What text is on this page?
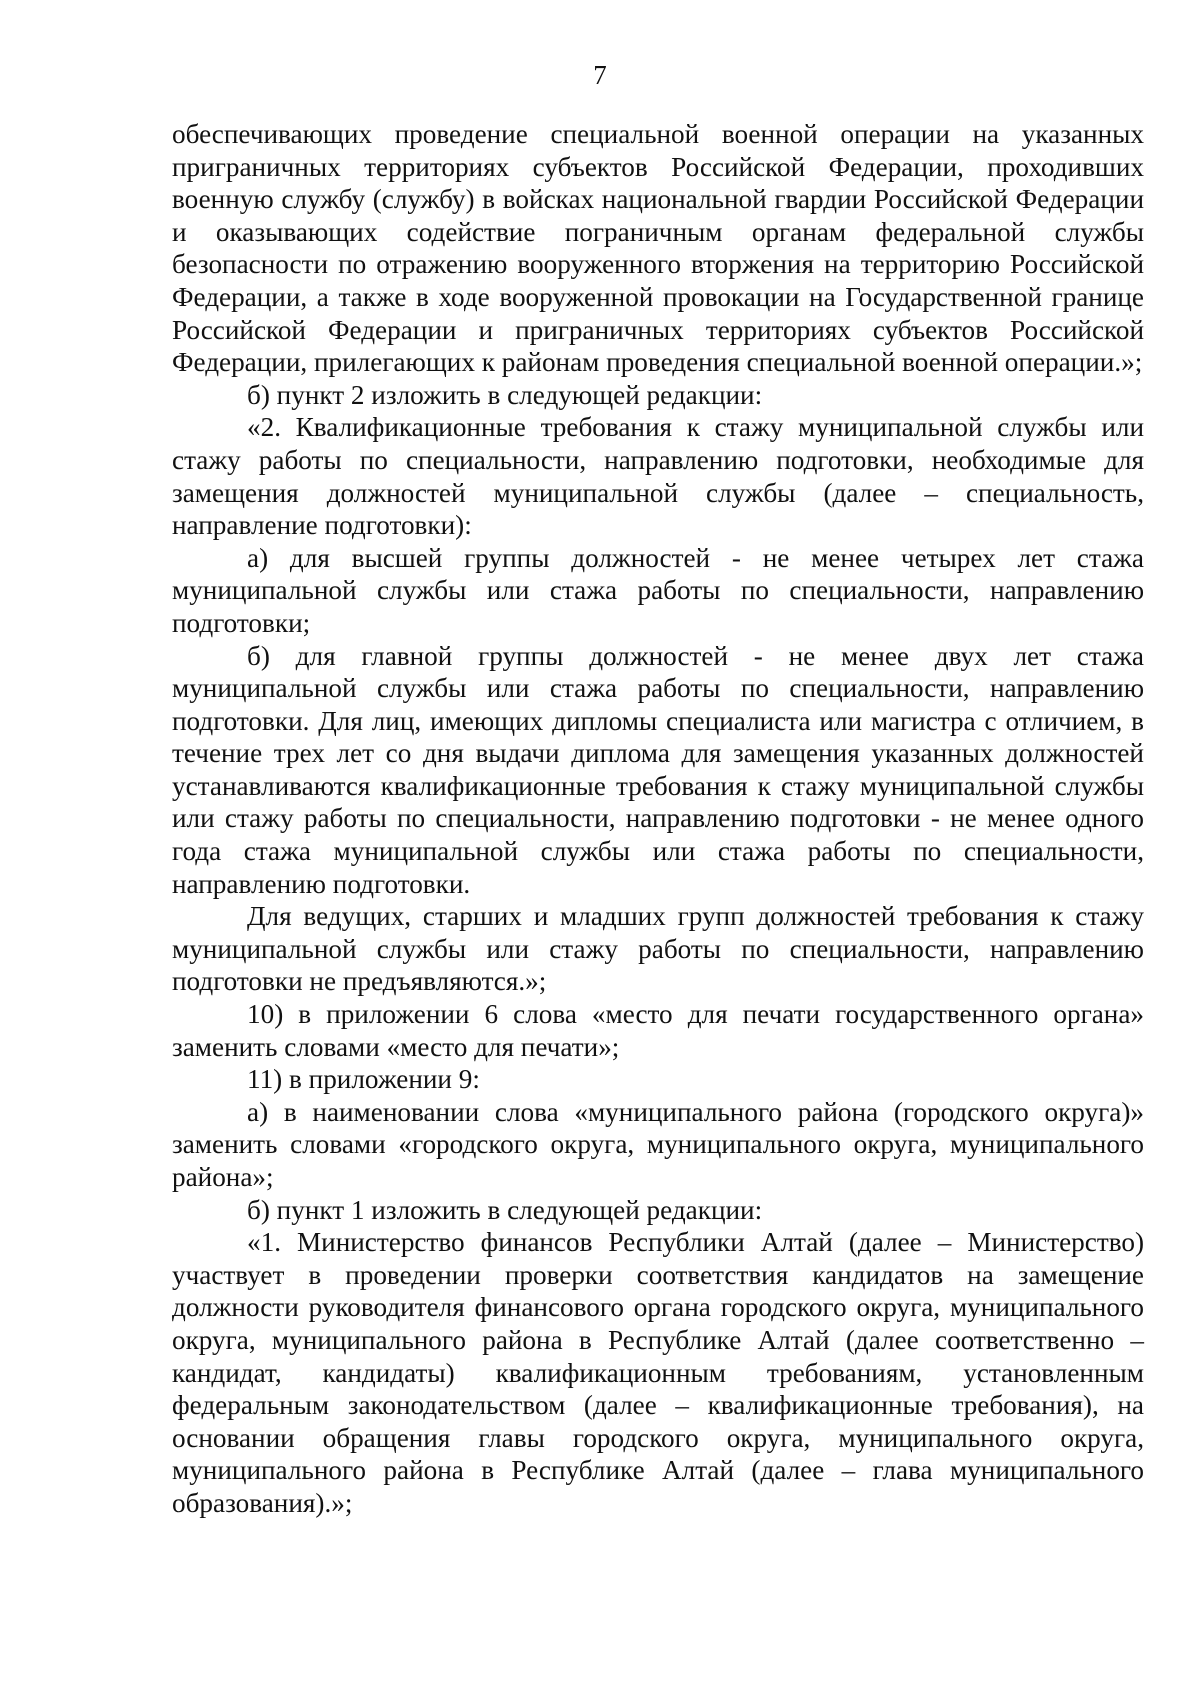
7

обеспечивающих проведение специальной военной операции на указанных приграничных территориях субъектов Российской Федерации, проходивших военную службу (службу) в войсках национальной гвардии Российской Федерации и оказывающих содействие пограничным органам федеральной службы безопасности по отражению вооруженного вторжения на территорию Российской Федерации, а также в ходе вооруженной провокации на Государственной границе Российской Федерации и приграничных территориях субъектов Российской Федерации, прилегающих к районам проведения специальной военной операции.»;

б) пункт 2 изложить в следующей редакции:

«2. Квалификационные требования к стажу муниципальной службы или стажу работы по специальности, направлению подготовки, необходимые для замещения должностей муниципальной службы (далее – специальность, направление подготовки):

а) для высшей группы должностей - не менее четырех лет стажа муниципальной службы или стажа работы по специальности, направлению подготовки;

б) для главной группы должностей - не менее двух лет стажа муниципальной службы или стажа работы по специальности, направлению подготовки. Для лиц, имеющих дипломы специалиста или магистра с отличием, в течение трех лет со дня выдачи диплома для замещения указанных должностей устанавливаются квалификационные требования к стажу муниципальной службы или стажу работы по специальности, направлению подготовки - не менее одного года стажа муниципальной службы или стажа работы по специальности, направлению подготовки.

Для ведущих, старших и младших групп должностей требования к стажу муниципальной службы или стажу работы по специальности, направлению подготовки не предъявляются.»;

10) в приложении 6 слова «место для печати государственного органа» заменить словами «место для печати»;

11) в приложении 9:

а) в наименовании слова «муниципального района (городского округа)» заменить словами «городского округа, муниципального округа, муниципального района»;

б) пункт 1 изложить в следующей редакции:

«1. Министерство финансов Республики Алтай (далее – Министерство) участвует в проведении проверки соответствия кандидатов на замещение должности руководителя финансового органа городского округа, муниципального округа, муниципального района в Республике Алтай (далее соответственно – кандидат, кандидаты) квалификационным требованиям, установленным федеральным законодательством (далее – квалификационные требования), на основании обращения главы городского округа, муниципального округа, муниципального района в Республике Алтай (далее – глава муниципального образования).»;
